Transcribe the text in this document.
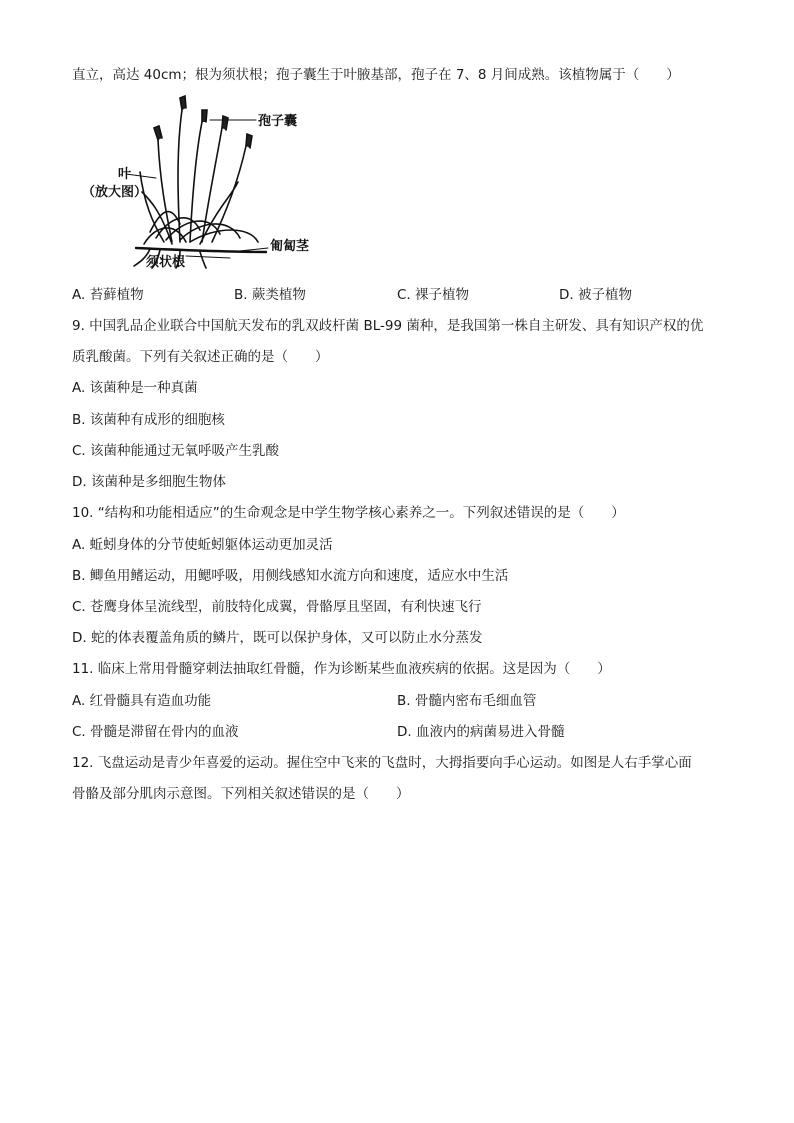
直立，高达 40cm；根为须状根；孢子囊生于叶腋基部，孢子在 7、8 月间成熟。该植物属于（　　）
孢子囊
叶
（放大图）
匍匐茎
须状根
A. 苔藓植物	B. 蕨类植物	C. 裸子植物	D. 被子植物
9. 中国乳品企业联合中国航天发布的乳双歧杆菌 BL-99 菌种，是我国第一株自主研发、具有知识产权的优
质乳酸菌。下列有关叙述正确的是（　　）
A. 该菌种是一种真菌
B. 该菌种有成形的细胞核
C. 该菌种能通过无氧呼吸产生乳酸
D. 该菌种是多细胞生物体
10. “结构和功能相适应”的生命观念是中学生物学核心素养之一。下列叙述错误的是（　　）
A. 蚯蚓身体的分节使蚯蚓躯体运动更加灵活
B. 鲫鱼用鳍运动，用鳃呼吸，用侧线感知水流方向和速度，适应水中生活
C. 苍鹰身体呈流线型，前肢特化成翼，骨骼厚且坚固，有利快速飞行
D. 蛇的体表覆盖角质的鳞片，既可以保护身体，又可以防止水分蒸发
11. 临床上常用骨髓穿刺法抽取红骨髓，作为诊断某些血液疾病的依据。这是因为（　　）
A. 红骨髓具有造血功能	B. 骨髓内密布毛细血管
C. 骨髓是滞留在骨内的血液	D. 血液内的病菌易进入骨髓
12. 飞盘运动是青少年喜爱的运动。握住空中飞来的飞盘时，大拇指要向手心运动。如图是人右手掌心面
骨骼及部分肌肉示意图。下列相关叙述错误的是（　　）
